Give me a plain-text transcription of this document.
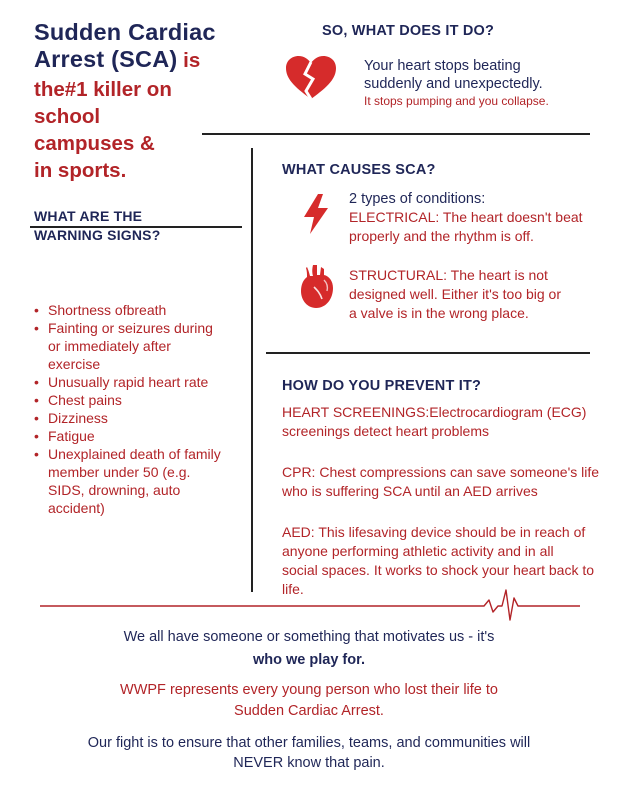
Sudden Cardiac
Arrest (SCA) is
the#1 killer on
school
campuses &
in sports.
WHAT ARE THE
WARNING SIGNS?
• Shortness ofbreath
• Fainting or seizures during
or immediately after
exercise
• Unusually rapid heart rate
• Chest pains
• Dizziness
• Fatigue
• Unexplained death of family
member under 50 (e.g.
SIDS, drowning, auto
accident)
SO, WHAT DOES IT DO?
Your heart stops beating
suddenly and unexpectedly.
It stops pumping and you collapse.
WHAT CAUSES SCA?
2 types of conditions:
ELECTRICAL: The heart doesn't beat
properly and the rhythm is off.
STRUCTURAL: The heart is not
designed well. Either it's too big or
a valve is in the wrong place.
HOW DO YOU PREVENT IT?
HEART SCREENINGS:Electrocardiogram (ECG)
screenings detect heart problems
CPR: Chest compressions can save someone's life
who is suffering SCA until an AED arrives
AED: This lifesaving device should be in reach of
anyone performing athletic activity and in all
social spaces. It works to shock your heart back to
life.
We all have someone or something that motivates us - it's
who we play for.
WWPF represents every young person who lost their life to
Sudden Cardiac Arrest.
Our fight is to ensure that other families, teams, and communities will
NEVER know that pain.
